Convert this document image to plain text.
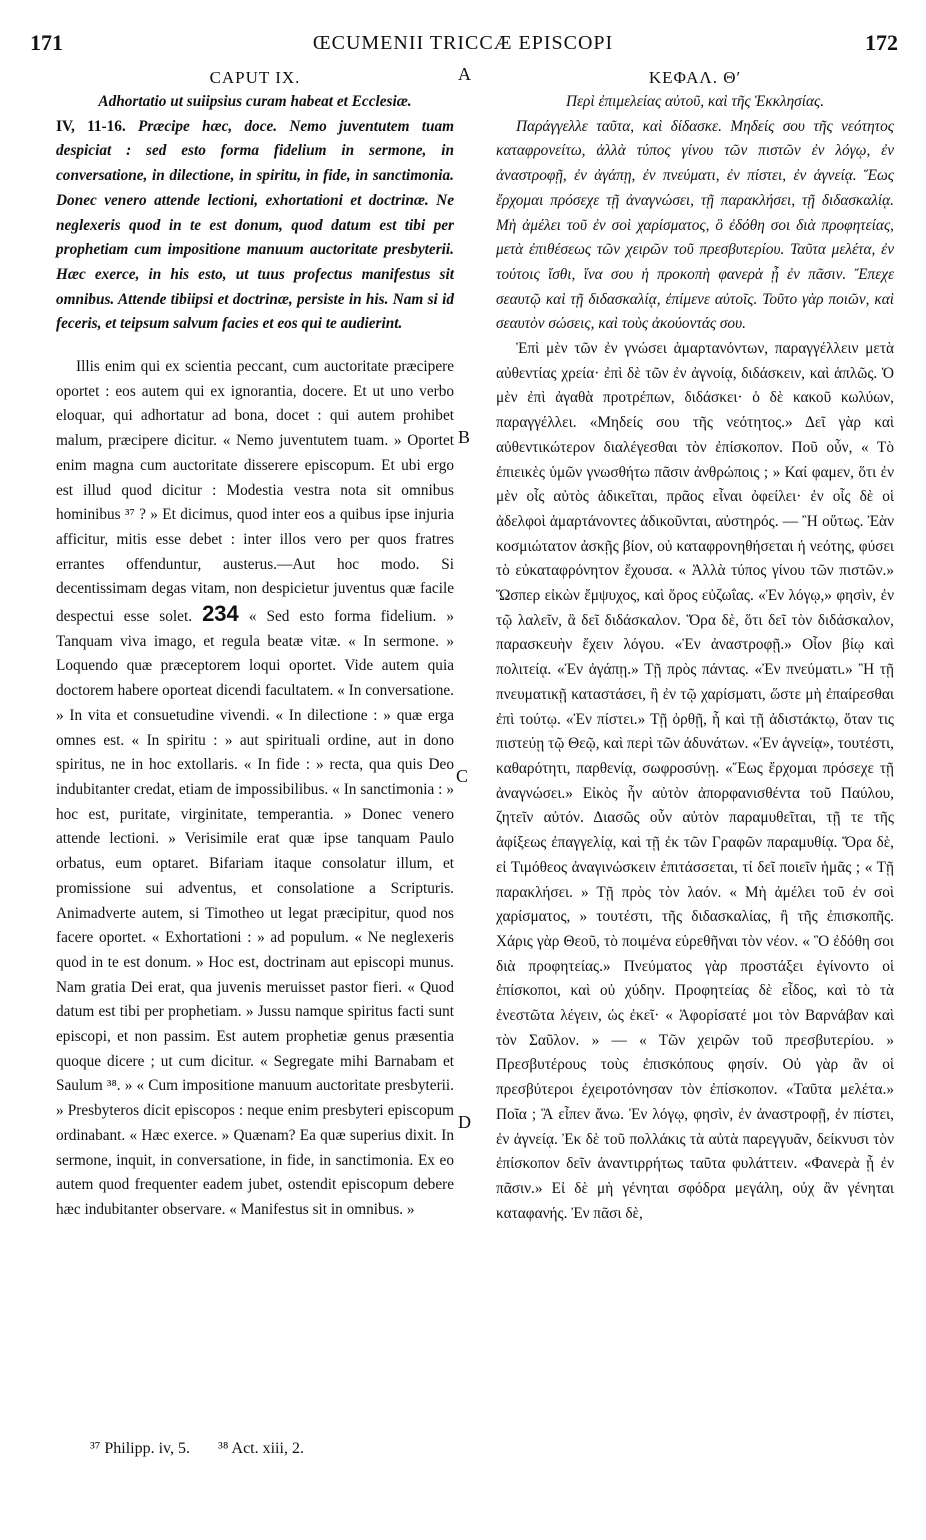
171	ŒCUMENII TRICCÆ EPISCOPI	172
A
B
C
D
CAPUT IX.

Adhortatio ut suiipsius curam habeat et Ecclesiæ.

IV, 11-16. Præcipe hæc, doce. Nemo juventutem tuam despiciat : sed esto forma fidelium in sermone, in conversatione, in dilectione, in spiritu, in fide, in sanctimonia. Donec venero attende lectioni, exhortationi et doctrinæ. Ne neglexeris quod in te est donum, quod datum est tibi per prophetiam cum impositione manuum auctoritate presbyterii. Hæc exerce, in his esto, ut tuus profectus manifestus sit omnibus. Attende tibiipsi et doctrinæ, persiste in his. Nam si id feceris, et teipsum salvum facies et eos qui te audierint.

Illis enim qui ex scientia peccant, cum auctoritate præcipere oportet : eos autem qui ex ignorantia, docere. Et ut uno verbo eloquar, qui adhortatur ad bona, docet : qui autem prohibet malum, præcipere dicitur. « Nemo juventutem tuam. » Oportet enim magna cum auctoritate disserere episcopum. Et ubi ergo est illud quod dicitur : Modestia vestra nota sit omnibus hominibus ³⁷ ? » Et dicimus, quod inter eos a quibus ipse injuria afficitur, mitis esse debet : inter illos vero per quos fratres errantes offenduntur, austerus.—Aut hoc modo. Si decentissimam degas vitam, non despicietur juventus quæ facile despectui esse solet. 234 « Sed esto forma fidelium. » Tanquam viva imago, et regula beatæ vitæ. « In sermone. » Loquendo quæ præceptorem loqui oportet. Vide autem quia doctorem habere oporteat dicendi facultatem. « In conversatione. » In vita et consuetudine vivendi. « In dilectione : » quæ erga omnes est. « In spiritu : » aut spirituali ordine, aut in dono spiritus, ne in hoc extollaris. « In fide : » recta, qua quis Deo indubitanter credat, etiam de impossibilibus. « In sanctimonia : » hoc est, puritate, virginitate, temperantia. » Donec venero attende lectioni. » Verisimile erat quæ ipse tanquam Paulo orbatus, eum optaret. Bifariam itaque consolatur illum, et promissione sui adventus, et consolatione a Scripturis. Animadverte autem, si Timotheo ut legat præcipitur, quod nos facere oportet. « Exhortationi : » ad populum. « Ne neglexeris quod in te est donum. » Hoc est, doctrinam aut episcopi munus. Nam gratia Dei erat, qua juvenis meruisset pastor fieri. « Quod datum est tibi per prophetiam. » Jussu namque spiritus facti sunt episcopi, et non passim. Est autem prophetiæ genus præsentia quoque dicere ; ut cum dicitur. « Segregate mihi Barnabam et Saulum ³⁸. » « Cum impositione manuum auctoritate presbyterii. » Presbyteros dicit episcopos : neque enim presbyteri episcopum ordinabant. « Hæc exerce. » Quænam? Ea quæ superius dixit. In sermone, inquit, in conversatione, in fide, in sanctimonia. Ex eo autem quod frequenter eadem jubet, ostendit episcopum debere hæc indubitanter observare. « Manifestus sit in omnibus. »

ΚΕΦΑΛ. Θʹ

Περὶ ἐπιμελείας αὐτοῦ, καὶ τῆς Ἐκκλησίας.

Παράγγελλε ταῦτα, καὶ δίδασκε. Μηδείς σου τῆς νεότητος καταφρονείτω, ἀλλὰ τύπος γίνου τῶν πιστῶν ἐν λόγῳ, ἐν ἀναστροφῇ, ἐν ἀγάπῃ, ἐν πνεύματι, ἐν πίστει, ἐν ἁγνείᾳ. Ἕως ἔρχομαι πρόσεχε τῇ ἀναγνώσει, τῇ παρακλήσει, τῇ διδασκαλίᾳ. Μὴ ἀμέλει τοῦ ἐν σοὶ χαρίσματος, ὃ ἐδόθη σοι διὰ προφητείας, μετὰ ἐπιθέσεως τῶν χειρῶν τοῦ πρεσβυτερίου. Ταῦτα μελέτα, ἐν τούτοις ἴσθι, ἵνα σου ἡ προκοπὴ φανερὰ ᾖ ἐν πᾶσιν. Ἔπεχε σεαυτῷ καὶ τῇ διδασκαλίᾳ, ἐπίμενε αὐτοῖς. Τοῦτο γὰρ ποιῶν, καὶ σεαυτὸν σώσεις, καὶ τοὺς ἀκούοντάς σου.

Ἐπὶ μὲν τῶν ἐν γνώσει ἁμαρτανόντων, παραγγέλλειν μετὰ αὐθεντίας χρεία· ἐπὶ δὲ τῶν ἐν ἀγνοίᾳ, διδάσκειν, καὶ ἁπλῶς. Ὁ μὲν ἐπὶ ἀγαθὰ προτρέπων, διδάσκει· ὁ δὲ κακοῦ κωλύων, παραγγέλλει. «Μηδείς σου τῆς νεότητος.» Δεῖ γὰρ καὶ αὐθεντικώτερον διαλέγεσθαι τὸν ἐπίσκοπον. Ποῦ οὖν, « Τὸ ἐπιεικὲς ὑμῶν γνωσθήτω πᾶσιν ἀνθρώποις ; » Καί φαμεν, ὅτι ἐν μὲν οἷς αὐτὸς ἀδικεῖται, πρᾶος εἶναι ὀφείλει· ἐν οἷς δὲ οἱ ἀδελφοὶ ἁμαρτάνοντες ἀδικοῦνται, αὐστηρός. — Ἢ οὕτως. Ἐὰν κοσμιώτατον ἀσκῇς βίον, οὐ καταφρονηθήσεται ἡ νεότης, φύσει τὸ εὐκαταφρόνητον ἔχουσα. « Ἀλλὰ τύπος γίνου τῶν πιστῶν.» Ὥσπερ εἰκὼν ἔμψυχος, καὶ ὅρος εὐζωΐας. «Ἐν λόγῳ,» φησὶν, ἐν τῷ λαλεῖν, ἃ δεῖ διδάσκαλον. Ὅρα δὲ, ὅτι δεῖ τὸν διδάσκαλον, παρασκευὴν ἔχειν λόγου. «Ἐν ἀναστροφῇ.» Οἷον βίῳ καὶ πολιτείᾳ. «Ἐν ἀγάπῃ.» Τῇ πρὸς πάντας. «Ἐν πνεύματι.» Ἢ τῇ πνευματικῇ καταστάσει, ἢ ἐν τῷ χαρίσματι, ὥστε μὴ ἐπαίρεσθαι ἐπὶ τούτῳ. «Ἐν πίστει.» Τῇ ὀρθῇ, ἧ καὶ τῇ ἀδιστάκτῳ, ὅταν τις πιστεύῃ τῷ Θεῷ, καὶ περὶ τῶν ἀδυνάτων. «Ἐν ἁγνείᾳ», τουτέστι, καθαρότητι, παρθενίᾳ, σωφροσύνῃ. «Ἕως ἔρχομαι πρόσεχε τῇ ἀναγνώσει.» Εἰκὸς ἦν αὐτὸν ἀπορφανισθέντα τοῦ Παύλου, ζητεῖν αὐτόν. Διασῶς οὖν αὐτὸν παραμυθεῖται, τῇ τε τῆς ἀφίξεως ἐπαγγελίᾳ, καὶ τῇ ἐκ τῶν Γραφῶν παραμυθίᾳ. Ὅρα δὲ, εἰ Τιμόθεος ἀναγινώσκειν ἐπιτάσσεται, τί δεῖ ποιεῖν ἡμᾶς ; « Τῇ παρακλήσει. » Τῇ πρὸς τὸν λαόν. « Μὴ ἀμέλει τοῦ ἐν σοὶ χαρίσματος, » τουτέστι, τῆς διδασκαλίας, ἢ τῆς ἐπισκοπῆς. Χάρις γὰρ Θεοῦ, τὸ ποιμένα εὑρεθῆναι τὸν νέον. « Ὃ ἐδόθη σοι διὰ προφητείας.» Πνεύματος γὰρ προστάξει ἐγίνοντο οἱ ἐπίσκοποι, καὶ οὐ χύδην. Προφητείας δὲ εἶδος, καὶ τὸ τὰ ἐνεστῶτα λέγειν, ὡς ἐκεῖ· « Ἀφορίσατέ μοι τὸν Βαρνάβαν καὶ τὸν Σαῦλον. » — « Τῶν χειρῶν τοῦ πρεσβυτερίου. » Πρεσβυτέρους τοὺς ἐπισκόπους φησίν. Οὐ γὰρ ἂν οἱ πρεσβύτεροι ἐχειροτόνησαν τὸν ἐπίσκοπον. «Ταῦτα μελέτα.» Ποῖα ; Ἃ εἶπεν ἄνω. Ἐν λόγῳ, φησὶν, ἐν ἀναστροφῇ, ἐν πίστει, ἐν ἁγνείᾳ. Ἐκ δὲ τοῦ πολλάκις τὰ αὐτὰ παρεγγυᾶν, δείκνυσι τὸν ἐπίσκοπον δεῖν ἀναντιρρήτως ταῦτα φυλάττειν. «Φανερὰ ᾖ ἐν πᾶσιν.» Εἰ δὲ μὴ γένηται σφόδρα μεγάλη, οὐχ ἂν γένηται καταφανής. Ἐν πᾶσι δὲ,

³⁷ Philipp. iv, 5. ³⁸ Act. xiii, 2.
